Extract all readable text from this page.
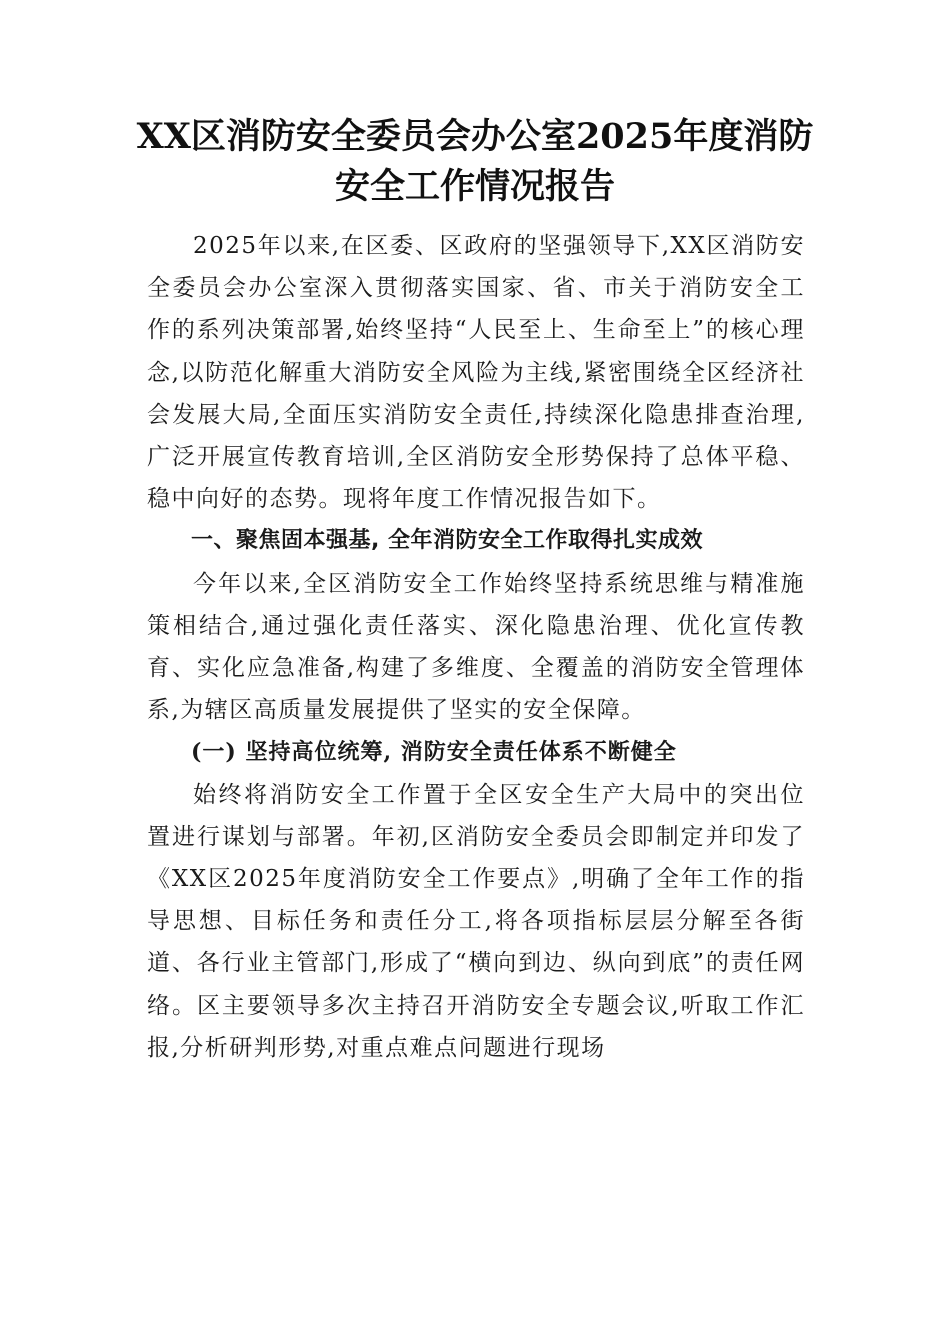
XX区消防安全委员会办公室2025年度消防安全工作情况报告

2025年以来,在区委、区政府的坚强领导下,XX区消防安全委员会办公室深入贯彻落实国家、省、市关于消防安全工作的系列决策部署,始终坚持“人民至上、生命至上”的核心理念,以防范化解重大消防安全风险为主线,紧密围绕全区经济社会发展大局,全面压实消防安全责任,持续深化隐患排查治理,广泛开展宣传教育培训,全区消防安全形势保持了总体平稳、稳中向好的态势。现将年度工作情况报告如下。

一、聚焦固本强基, 全年消防安全工作取得扎实成效

今年以来,全区消防安全工作始终坚持系统思维与精准施策相结合,通过强化责任落实、深化隐患治理、优化宣传教育、实化应急准备,构建了多维度、全覆盖的消防安全管理体系,为辖区高质量发展提供了坚实的安全保障。

(一) 坚持高位统筹, 消防安全责任体系不断健全

始终将消防安全工作置于全区安全生产大局中的突出位置进行谋划与部署。年初,区消防安全委员会即制定并印发了《XX区2025年度消防安全工作要点》,明确了全年工作的指导思想、目标任务和责任分工,将各项指标层层分解至各街道、各行业主管部门,形成了“横向到边、纵向到底”的责任网络。区主要领导多次主持召开消防安全专题会议,听取工作汇报,分析研判形势,对重点难点问题进行现场
